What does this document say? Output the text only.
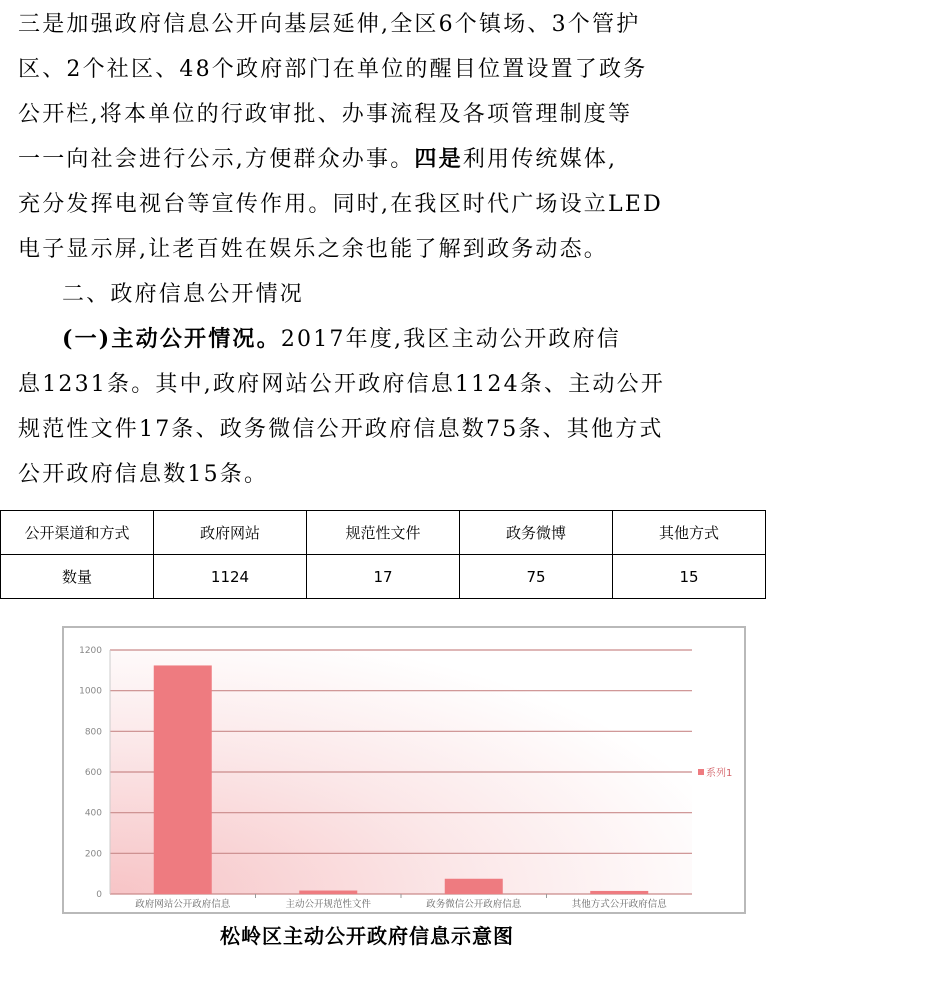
三是加强政府信息公开向基层延伸,全区6个镇场、3个管护
区、2个社区、48个政府部门在单位的醒目位置设置了政务
公开栏,将本单位的行政审批、办事流程及各项管理制度等
一一向社会进行公示,方便群众办事。四是利用传统媒体,
充分发挥电视台等宣传作用。同时,在我区时代广场设立LED
电子显示屏,让老百姓在娱乐之余也能了解到政务动态。
二、政府信息公开情况
(一)主动公开情况。2017年度,我区主动公开政府信
息1231条。其中,政府网站公开政府信息1124条、主动公开
规范性文件17条、政务微信公开政府信息数75条、其他方式
公开政府信息数15条。
公开渠道和方式	政府网站	规范性文件	政务微博	其他方式
数量	1124	17	75	15
0
200
400
600
800
1000
1200
政府网站公开政府信息	主动公开规范性文件	政务微信公开政府信息	其他方式公开政府信息
系列1
松岭区主动公开政府信息示意图
